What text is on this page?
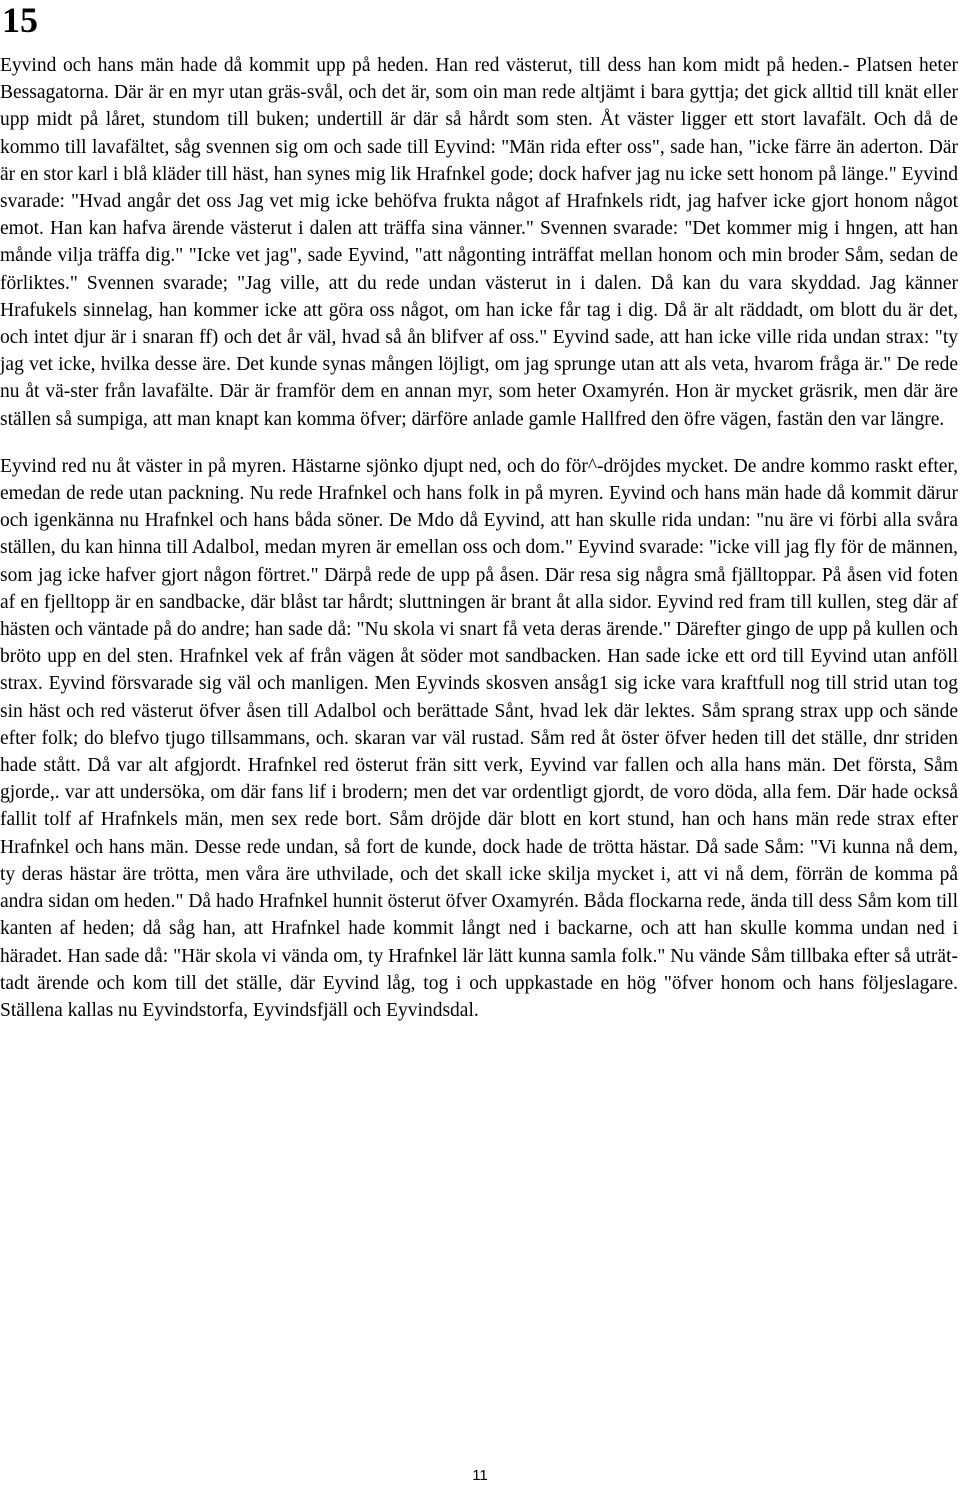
15

Eyvind och hans män hade då kommit upp på heden. Han red västerut, till dess han kom midt på heden.- Platsen heter Bessagatorna. Där är en myr utan gräs-svål, och det är, som oin man rede altjämt i bara gyttja; det gick alltid till knät eller upp midt på låret, stundom till buken; undertill är där så hårdt som sten. Åt väster ligger ett stort lavafält. Och då de kommo till lavafältet, såg svennen sig om och sade till Eyvind: "Män rida efter oss", sade han, "icke färre än aderton. Där är en stor karl i blå kläder till häst, han synes mig lik Hrafnkel gode; dock hafver jag nu icke sett honom på länge." Eyvind svarade: "Hvad angår det oss Jag vet mig icke behöfva frukta något af Hrafnkels ridt, jag hafver icke gjort honom något emot. Han kan hafva ärende västerut i dalen att träffa sina vänner." Svennen svarade: "Det kommer mig i hngen, att han månde vilja träffa dig." "Icke vet jag", sade Eyvind, "att någonting inträffat mellan honom och min broder Såm, sedan de förliktes." Svennen svarade; "Jag ville, att du rede undan västerut in i dalen. Då kan du vara skyddad. Jag känner Hrafukels sinnelag, han kommer icke att göra oss något, om han icke får tag i dig. Då är alt räddadt, om blott du är det, och intet djur är i snaran ff) och det år väl, hvad så ån blifver af oss." Eyvind sade, att han icke ville rida undan strax: "ty jag vet icke, hvilka desse äre. Det kunde synas mången löjligt, om jag sprunge utan att als veta, hvarom fråga är." De rede nu åt vä-ster från lavafälte. Där är framför dem en annan myr, som heter Oxamyrén. Hon är mycket gräsrik, men där äre ställen så sumpiga, att man knapt kan komma öfver; därföre anlade gamle Hallfred den öfre vägen, fastän den var längre.

Eyvind red nu åt väster in på myren. Hästarne sjönko djupt ned, och do för^-dröjdes mycket. De andre kommo raskt efter, emedan de rede utan packning. Nu rede Hrafnkel och hans folk in på myren. Eyvind och hans män hade då kommit därur och igenkänna nu Hrafnkel och hans båda söner. De Mdo då Eyvind, att han skulle rida undan: "nu äre vi förbi alla svåra ställen, du kan hinna till Adalbol, medan myren är emellan oss och dom." Eyvind svarade: "icke vill jag fly för de männen, som jag icke hafver gjort någon förtret." Därpå rede de upp på åsen. Där resa sig några små fjälltoppar. På åsen vid foten af en fjelltopp är en sandbacke, där blåst tar hårdt; sluttningen är brant åt alla sidor. Eyvind red fram till kullen, steg där af hästen och väntade på do andre; han sade då: "Nu skola vi snart få veta deras ärende." Därefter gingo de upp på kullen och bröto upp en del sten. Hrafnkel vek af från vägen åt söder mot sandbacken. Han sade icke ett ord till Eyvind utan anföll strax. Eyvind försvarade sig väl och manligen. Men Eyvinds skosven ansåg1 sig icke vara kraftfull nog till strid utan tog sin häst och red västerut öfver åsen till Adalbol och berättade Sånt, hvad lek där lektes. Såm sprang strax upp och sände efter folk; do blefvo tjugo tillsammans, och. skaran var väl rustad. Såm red åt öster öfver heden till det ställe, dnr striden hade stått. Då var alt afgjordt. Hrafnkel red österut frän sitt verk, Eyvind var fallen och alla hans män. Det första, Såm gjorde,. var att undersöka, om där fans lif i brodern; men det var ordentligt gjordt, de voro döda, alla fem. Där hade också fallit tolf af Hrafnkels män, men sex rede bort. Såm dröjde där blott en kort stund, han och hans män rede strax efter Hrafnkel och hans män. Desse rede undan, så fort de kunde, dock hade de trötta hästar. Då sade Såm: "Vi kunna nå dem, ty deras hästar äre trötta, men våra äre uthvilade, och det skall icke skilja mycket i, att vi nå dem, förrän de komma på andra sidan om heden." Då hado Hrafnkel hunnit österut öfver Oxamyrén. Båda flockarna rede, ända till dess Såm kom till kanten af heden; då såg han, att Hrafnkel hade kommit långt ned i backarne, och att han skulle komma undan ned i häradet. Han sade då: "Här skola vi vända om, ty Hrafnkel lär lätt kunna samla folk." Nu vände Såm tillbaka efter så uträt-tadt ärende och kom till det ställe, där Eyvind låg, tog i och uppkastade en hög "öfver honom och hans följeslagare. Ställena kallas nu Eyvindstorfa, Eyvindsfjäll och Eyvindsdal.

11
